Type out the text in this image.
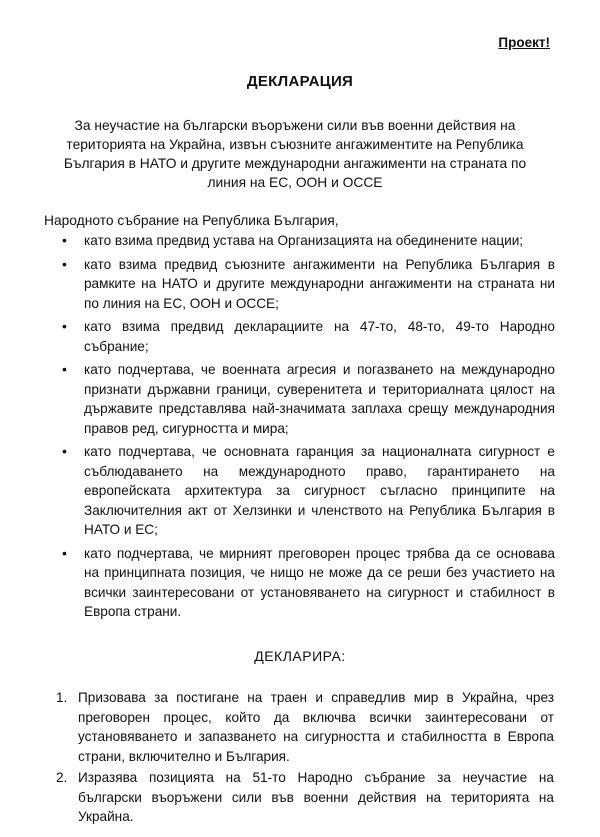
Проект!
ДЕКЛАРАЦИЯ
За неучастие на български въоръжени сили във военни действия на територията на Украйна, извън съюзните ангажиментите на Република България в НАТО и другите международни ангажименти на страната по линия на ЕС, ООН и ОССЕ
Народното събрание на Република България,
• като взима предвид устава на Организацията на обединените нации;
• като взима предвид съюзните ангажименти на Република България в рамките на НАТО и другите международни ангажименти на страната ни по линия на ЕС, ООН и ОССЕ;
• като взима предвид декларациите на 47-то, 48-то, 49-то Народно събрание;
• като подчертава, че военната агресия и погазването на международно признати държавни граници, суверенитета и териториалната цялост на държавите представлява най-значимата заплаха срещу международния правов ред, сигурността и мира;
• като подчертава, че основната гаранция за националната сигурност е съблюдаването на международното право, гарантирането на европейската архитектура за сигурност съгласно принципите на Заключителния акт от Хелзинки и членството на Република България в НАТО и ЕС;
• като подчертава, че мирният преговорен процес трябва да се основава на принципната позиция, че нищо не може да се реши без участието на всички заинтересовани от установяването на сигурност и стабилност в Европа страни.
ДЕКЛАРИРА:
1. Призовава за постигане на траен и справедлив мир в Украйна, чрез преговорен процес, който да включва всички заинтересовани от установяването и запазването на сигурността и стабилността в Европа страни, включително и България.
2. Изразява позицията на 51-то Народно събрание за неучастие на български въоръжени сили във военни действия на територията на Украйна.
